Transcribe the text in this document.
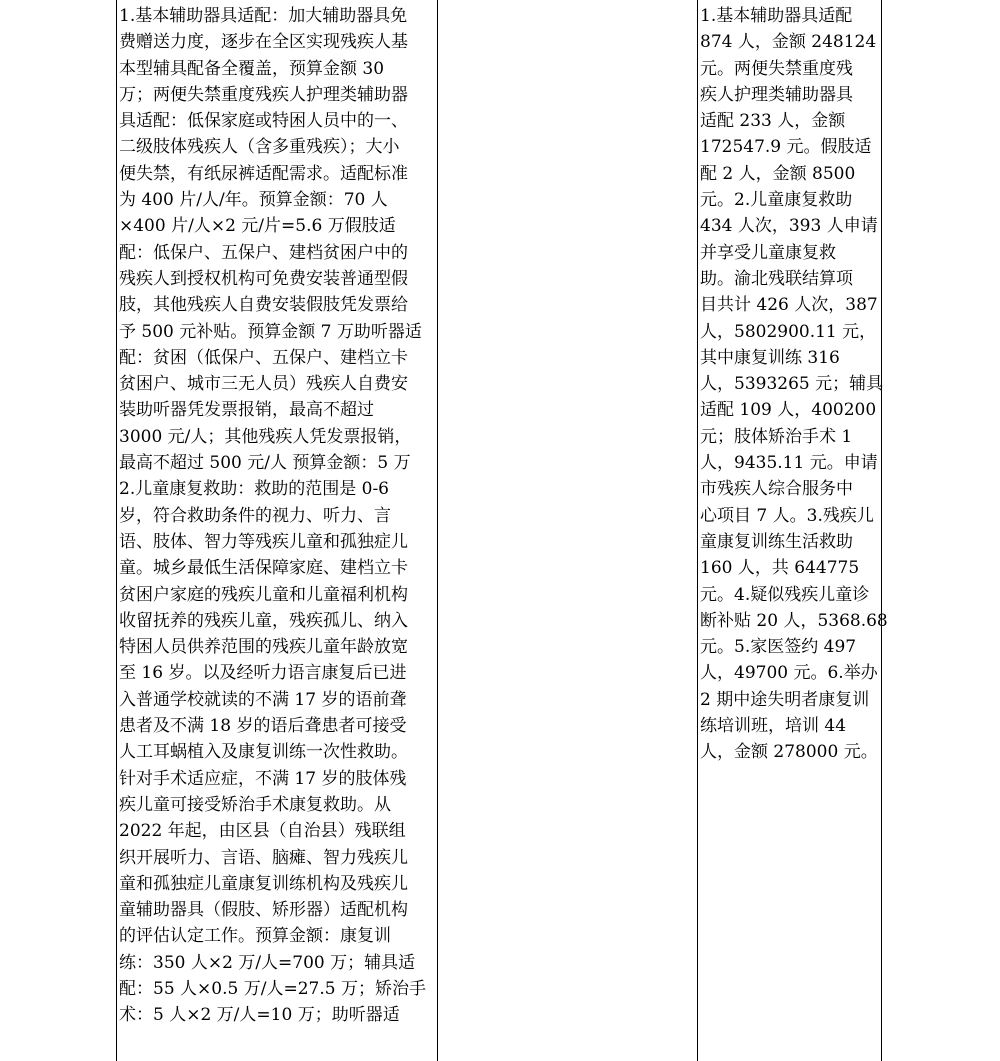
1.基本辅助器具适配：加大辅助器具免
费赠送力度，逐步在全区实现残疾人基
本型辅具配备全覆盖，预算金额 30
万；两便失禁重度残疾人护理类辅助器
具适配：低保家庭或特困人员中的一、
二级肢体残疾人（含多重残疾）；大小
便失禁，有纸尿裤适配需求。适配标准
为 400 片/人/年。预算金额：70 人
×400 片/人×2 元/片=5.6 万假肢适
配：低保户、五保户、建档贫困户中的
残疾人到授权机构可免费安装普通型假
肢，其他残疾人自费安装假肢凭发票给
予 500 元补贴。预算金额 7 万助听器适
配：贫困（低保户、五保户、建档立卡
贫困户、城市三无人员）残疾人自费安
装助听器凭发票报销，最高不超过
3000 元/人；其他残疾人凭发票报销，
最高不超过 500 元/人 预算金额：5 万
2.儿童康复救助：救助的范围是 0-6
岁，符合救助条件的视力、听力、言
语、肢体、智力等残疾儿童和孤独症儿
童。城乡最低生活保障家庭、建档立卡
贫困户家庭的残疾儿童和儿童福利机构
收留抚养的残疾儿童，残疾孤儿、纳入
特困人员供养范围的残疾儿童年龄放宽
至 16 岁。以及经听力语言康复后已进
入普通学校就读的不满 17 岁的语前聋
患者及不满 18 岁的语后聋患者可接受
人工耳蜗植入及康复训练一次性救助。
针对手术适应症，不满 17 岁的肢体残
疾儿童可接受矫治手术康复救助。从
2022 年起，由区县（自治县）残联组
织开展听力、言语、脑瘫、智力残疾儿
童和孤独症儿童康复训练机构及残疾儿
童辅助器具（假肢、矫形器）适配机构
的评估认定工作。预算金额：康复训
练：350 人×2 万/人=700 万；辅具适
配：55 人×0.5 万/人=27.5 万；矫治手
术：5 人×2 万/人=10 万；助听器适
1.基本辅助器具适配
874 人，金额 248124
元。两便失禁重度残
疾人护理类辅助器具
适配 233 人，金额
172547.9 元。假肢适
配 2 人，金额 8500
元。2.儿童康复救助
434 人次，393 人申请
并享受儿童康复救
助。渝北残联结算项
目共计 426 人次，387
人，5802900.11 元，
其中康复训练 316
人，5393265 元；辅具
适配 109 人，400200
元；肢体矫治手术 1
人，9435.11 元。申请
市残疾人综合服务中
心项目 7 人。3.残疾儿
童康复训练生活救助
160 人，共 644775
元。4.疑似残疾儿童诊
断补贴 20 人，5368.68
元。5.家医签约 497
人，49700 元。6.举办
2 期中途失明者康复训
练培训班，培训 44
人，金额 278000 元。
